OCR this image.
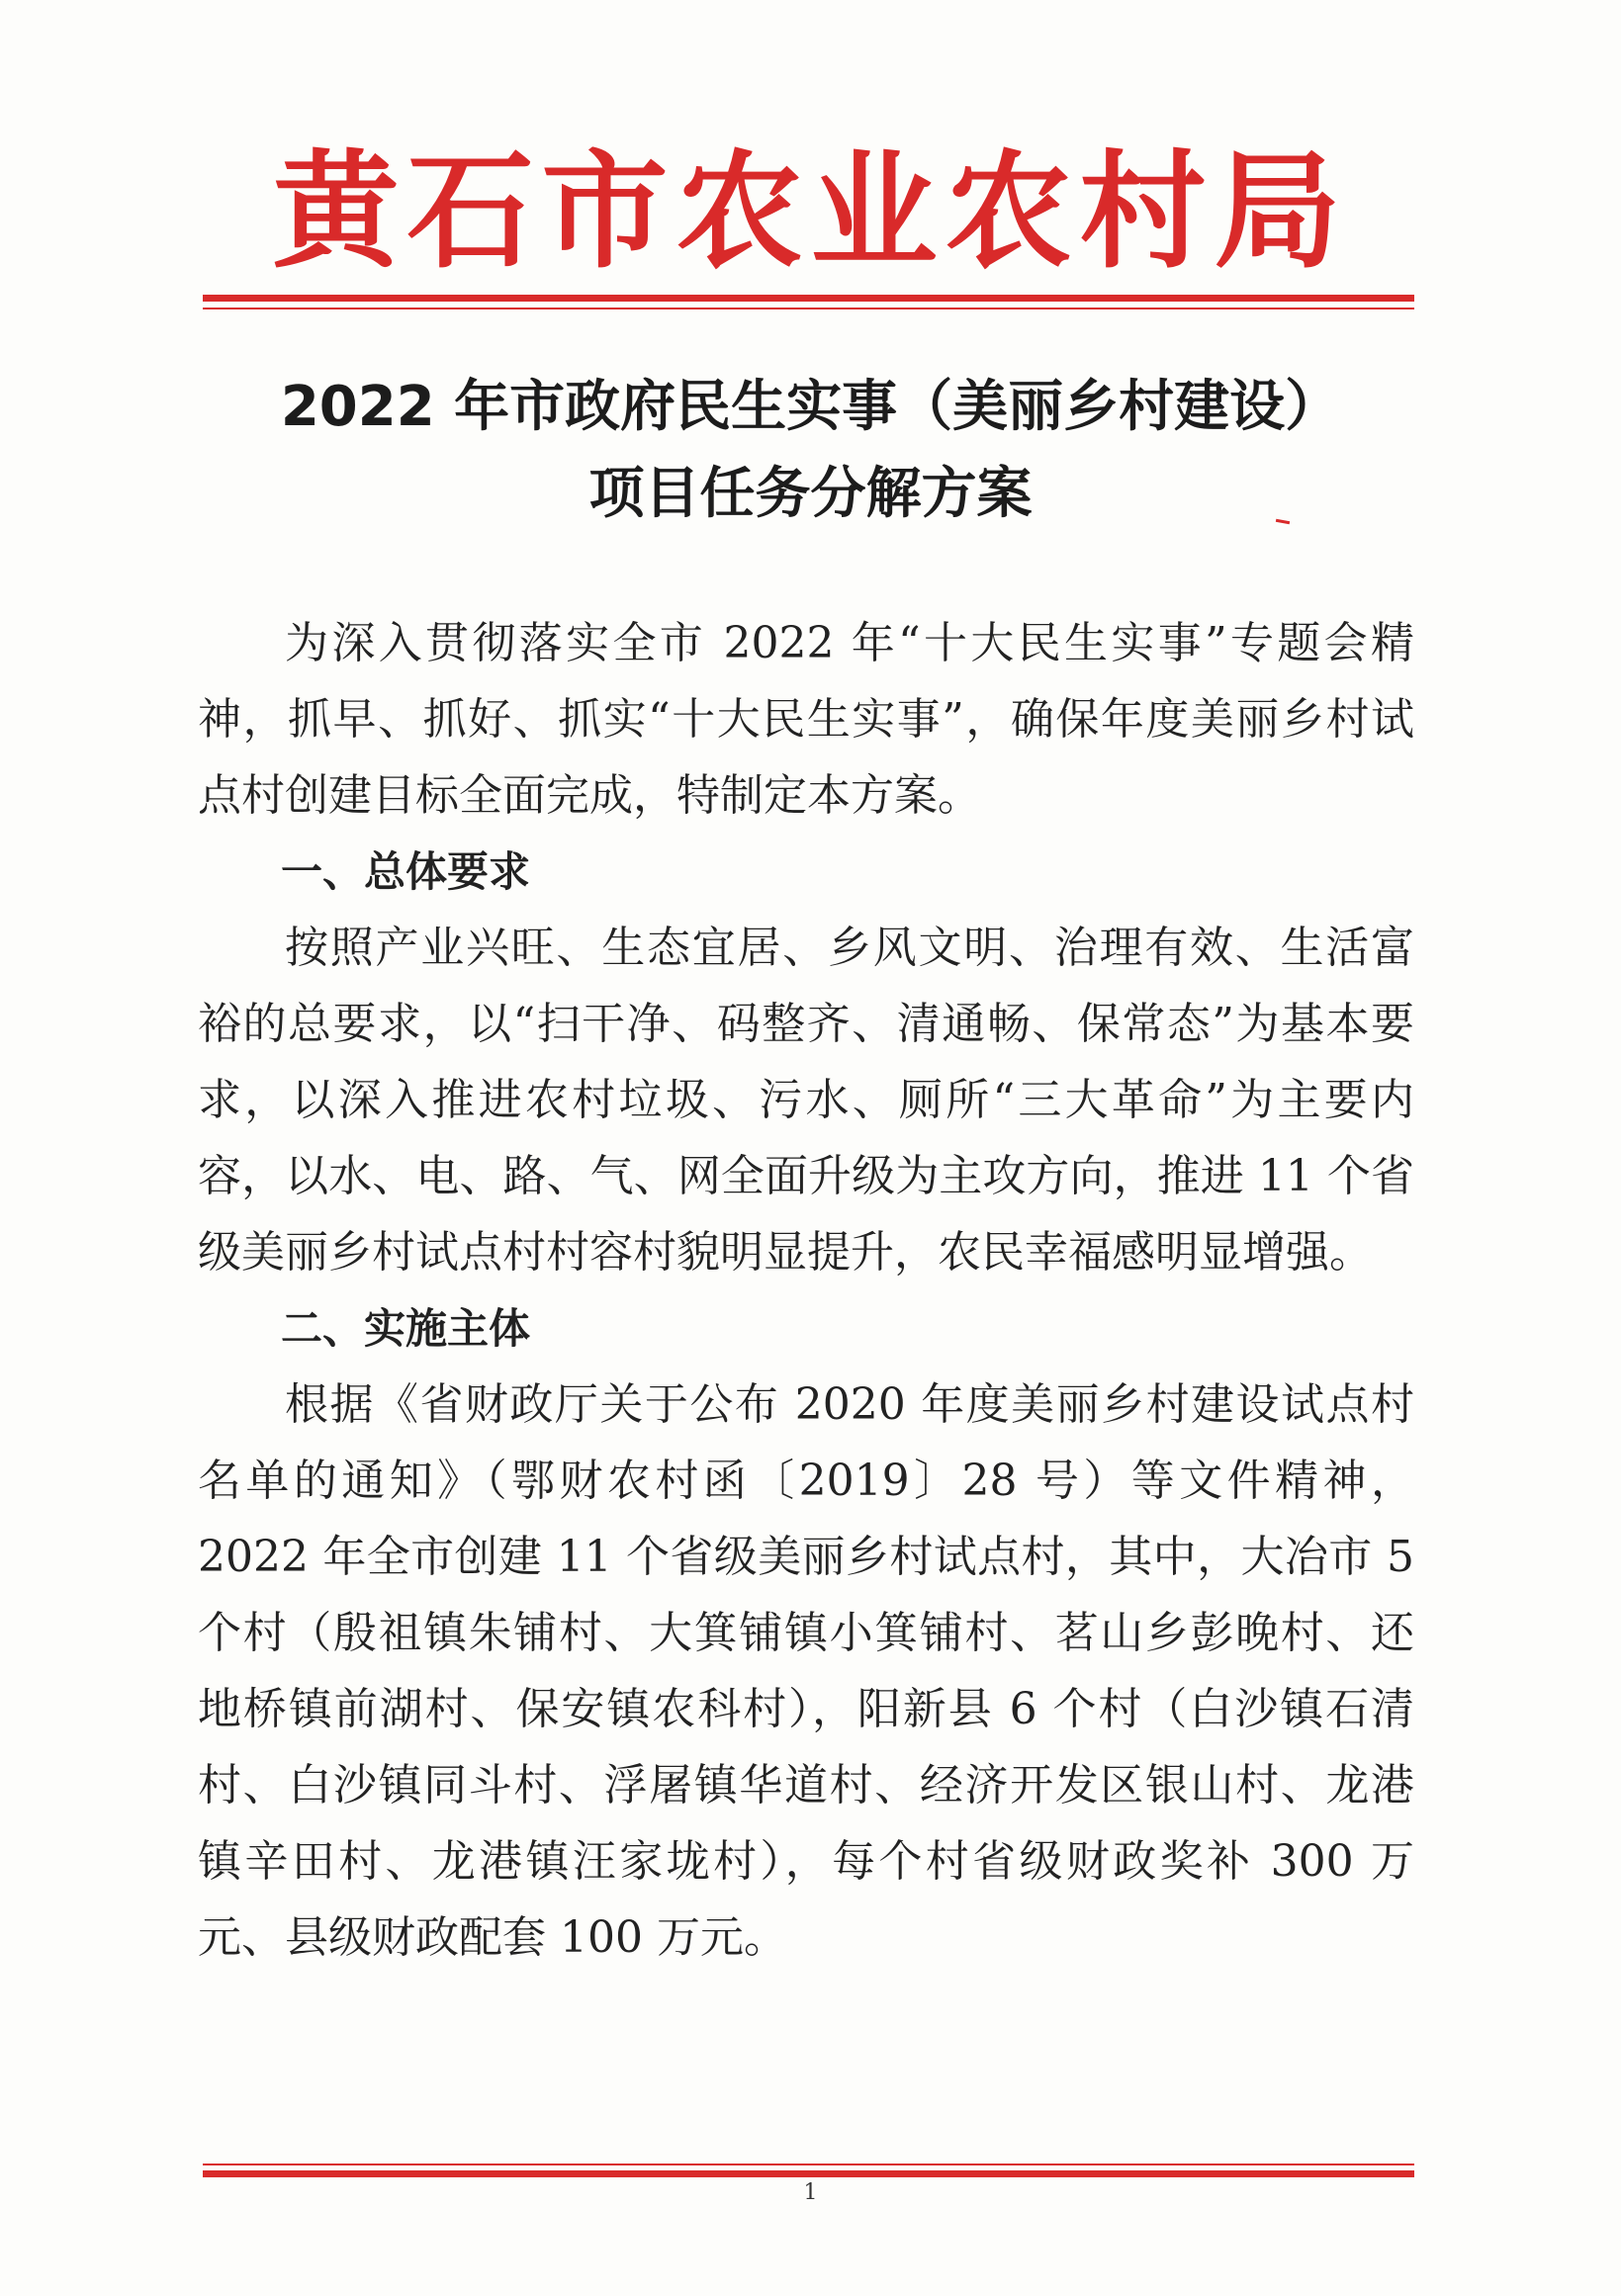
黄石市农业农村局
2022 年市政府民生实事（美丽乡村建设）
项目任务分解方案

为深入贯彻落实全市 2022 年“十大民生实事”专题会精神，抓早、抓好、抓实“十大民生实事”，确保年度美丽乡村试点村创建目标全面完成，特制定本方案。

一、总体要求

按照产业兴旺、生态宜居、乡风文明、治理有效、生活富裕的总要求，以“扫干净、码整齐、清通畅、保常态”为基本要求，以深入推进农村垃圾、污水、厕所“三大革命”为主要内容，以水、电、路、气、网全面升级为主攻方向，推进 11 个省级美丽乡村试点村村容村貌明显提升，农民幸福感明显增强。

二、实施主体

根据《省财政厅关于公布 2020 年度美丽乡村建设试点村名单的通知》（鄂财农村函〔2019〕28 号）等文件精神，2022 年全市创建 11 个省级美丽乡村试点村，其中，大冶市 5 个村（殷祖镇朱铺村、大箕铺镇小箕铺村、茗山乡彭晚村、还地桥镇前湖村、保安镇农科村），阳新县 6 个村（白沙镇石清村、白沙镇同斗村、浮屠镇华道村、经济开发区银山村、龙港镇辛田村、龙港镇汪家垅村），每个村省级财政奖补 300 万元、县级财政配套 100 万元。

1
